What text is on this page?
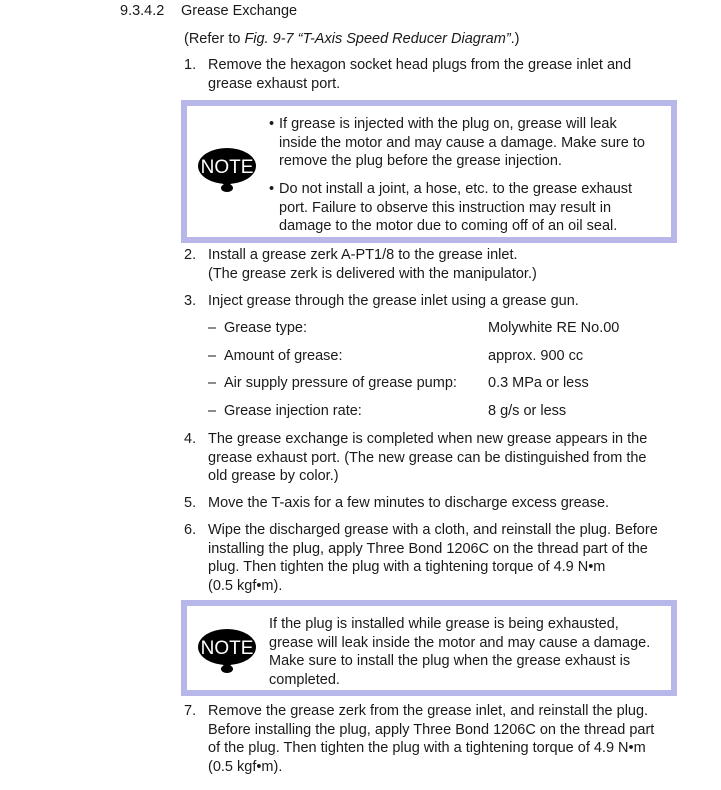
9.3.4.2 Grease Exchange
(Refer to Fig. 9-7 “T-Axis Speed Reducer Diagram”.)
1. Remove the hexagon socket head plugs from the grease inlet and
grease exhaust port.
NOTE
• If grease is injected with the plug on, grease will leak
inside the motor and may cause a damage. Make sure to
remove the plug before the grease injection.
• Do not install a joint, a hose, etc. to the grease exhaust
port. Failure to observe this instruction may result in
damage to the motor due to coming off of an oil seal.
2. Install a grease zerk A-PT1/8 to the grease inlet.
(The grease zerk is delivered with the manipulator.)
3. Inject grease through the grease inlet using a grease gun.
– Grease type:	Molywhite RE No.00
– Amount of grease:	approx. 900 cc
– Air supply pressure of grease pump: 0.3 MPa or less
– Grease injection rate:	8 g/s or less
4. The grease exchange is completed when new grease appears in the
grease exhaust port. (The new grease can be distinguished from the
old grease by color.)
5. Move the T-axis for a few minutes to discharge excess grease.
6. Wipe the discharged grease with a cloth, and reinstall the plug. Before
installing the plug, apply Three Bond 1206C on the thread part of the
plug. Then tighten the plug with a tightening torque of 4.9 N•m
(0.5 kgf•m).
NOTE
If the plug is installed while grease is being exhausted,
grease will leak inside the motor and may cause a damage.
Make sure to install the plug when the grease exhaust is
completed.
7. Remove the grease zerk from the grease inlet, and reinstall the plug.
Before installing the plug, apply Three Bond 1206C on the thread part
of the plug. Then tighten the plug with a tightening torque of 4.9 N•m
(0.5 kgf•m).
